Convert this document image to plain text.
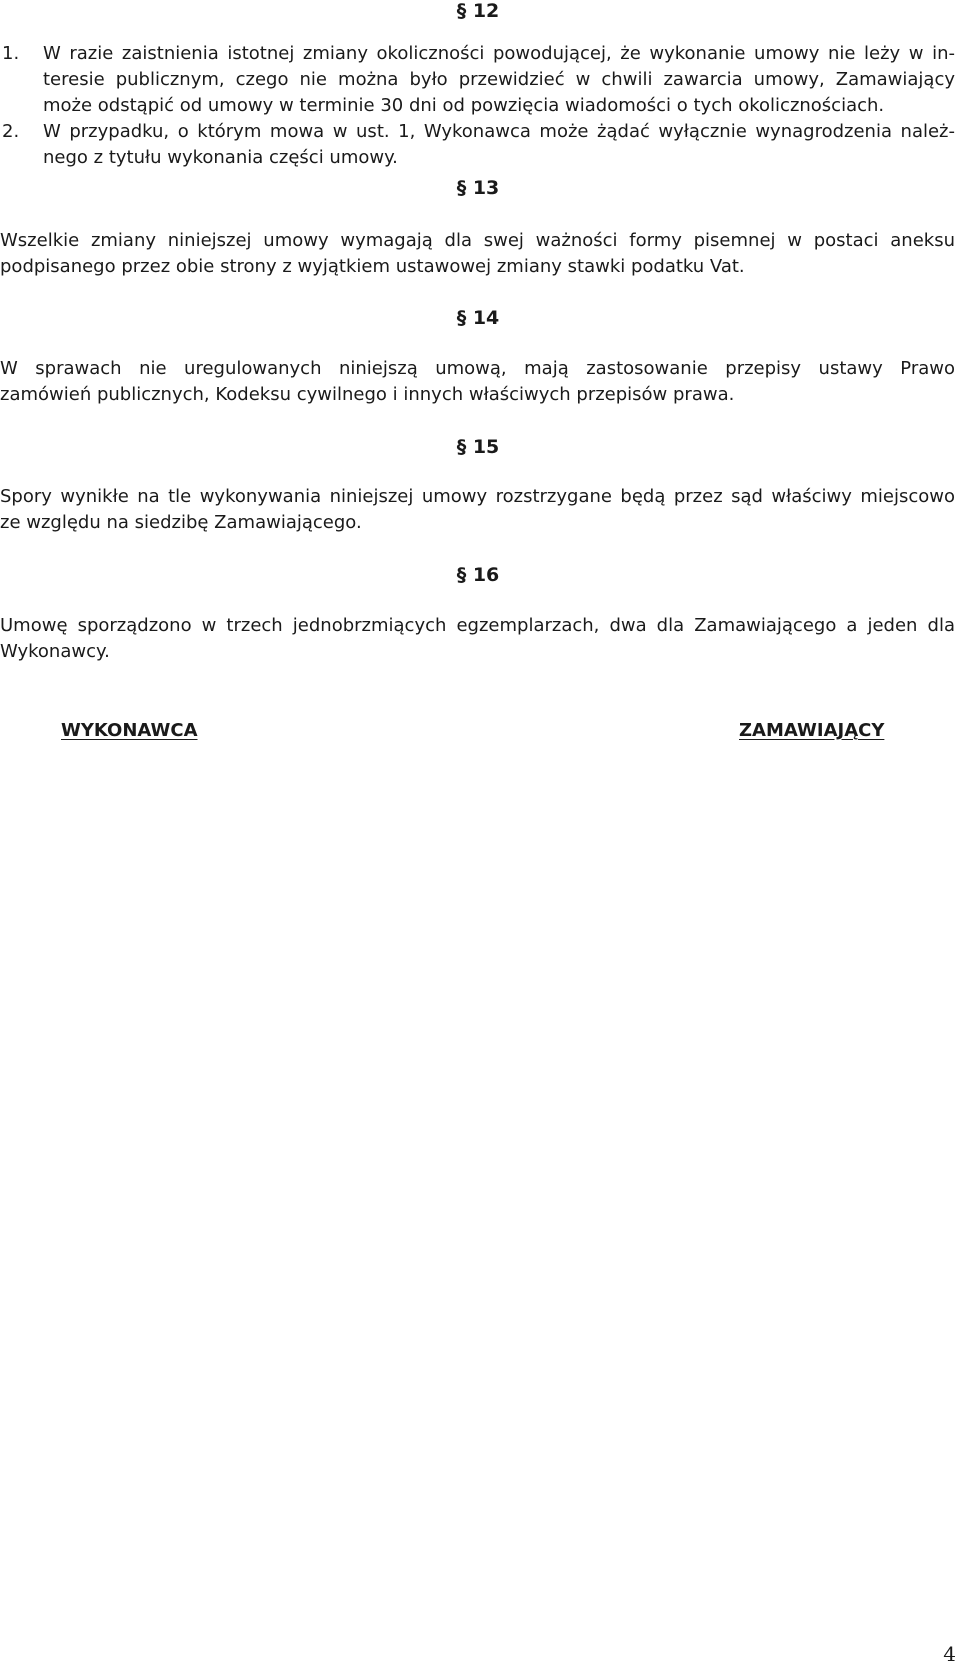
§ 12
1. W razie zaistnienia istotnej zmiany okoliczności powodującej, że wykonanie umowy nie leży w in-
teresie publicznym, czego nie można było przewidzieć w chwili zawarcia umowy, Zamawiający
może odstąpić od umowy w terminie 30 dni od powzięcia wiadomości o tych okolicznościach.
2. W przypadku, o którym mowa w ust. 1, Wykonawca może żądać wyłącznie wynagrodzenia należ-
nego z tytułu wykonania części umowy.
§ 13
Wszelkie zmiany niniejszej umowy wymagają dla swej ważności formy pisemnej w postaci aneksu
podpisanego przez obie strony z wyjątkiem ustawowej zmiany stawki podatku Vat.
§ 14
W sprawach nie uregulowanych niniejszą umową, mają zastosowanie przepisy ustawy Prawo
zamówień publicznych, Kodeksu cywilnego i innych właściwych przepisów prawa.
§ 15
Spory wynikłe na tle wykonywania niniejszej umowy rozstrzygane będą przez sąd właściwy miejscowo
ze względu na siedzibę Zamawiającego.
§ 16
Umowę sporządzono w trzech jednobrzmiących egzemplarzach, dwa dla Zamawiającego a jeden dla
Wykonawcy.
WYKONAWCA	ZAMAWIAJĄCY
4
